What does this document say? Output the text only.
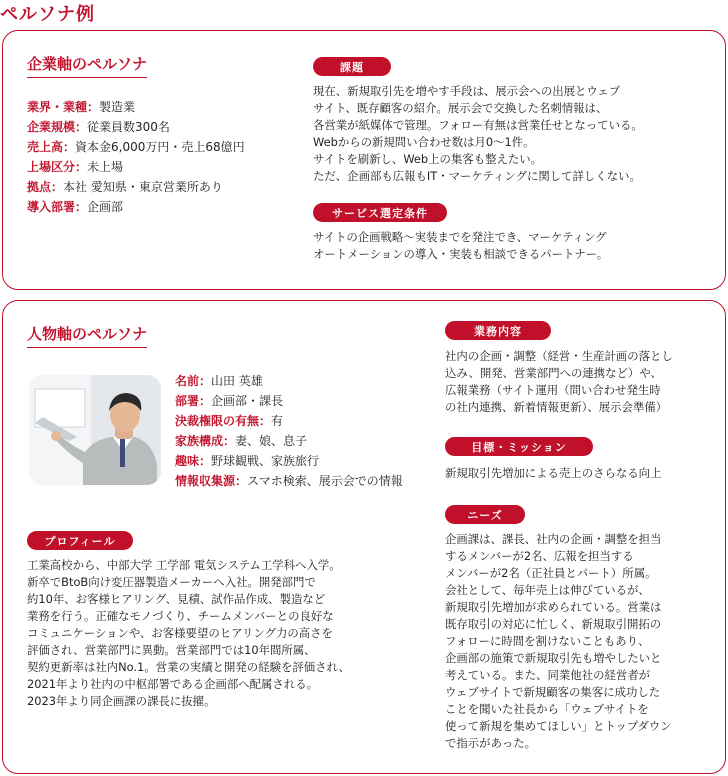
ペルソナ例
企業軸のペルソナ
業界・業種：製造業
企業規模：従業員数300名
売上高：資本金6,000万円・売上68億円
上場区分：未上場
拠点：本社 愛知県・東京営業所あり
導入部署：企画部
課題

現在、新規取引先を増やす手段は、展示会への出展とウェブ
サイト、既存顧客の紹介。展示会で交換した名刺情報は、
各営業が紙媒体で管理。フォロー有無は営業任せとなっている。
Webからの新規問い合わせ数は月0〜1件。
サイトを刷新し、Web上の集客も整えたい。
ただ、企画部も広報もIT・マーケティングに関して詳しくない。

サービス選定条件

サイトの企画戦略〜実装までを発注でき、マーケティング
オートメーションの導入・実装も相談できるパートナー。

人物軸のペルソナ
名前：山田 英雄
部署：企画部・課長
決裁権限の有無：有
家族構成：妻、娘、息子
趣味：野球観戦、家族旅行
情報収集源：スマホ検索、展示会での情報
プロフィール

工業高校から、中部大学 工学部 電気システム工学科へ入学。
新卒でBtoB向け変圧器製造メーカーへ入社。開発部門で
約10年、お客様ヒアリング、見積、試作品作成、製造など
業務を行う。正確なモノづくり、チームメンバーとの良好な
コミュニケーションや、お客様要望のヒアリング力の高さを
評価され、営業部門に異動。営業部門では10年間所属、
契約更新率は社内No.1。営業の実績と開発の経験を評価され、
2021年より社内の中枢部署である企画部へ配属される。
2023年より同企画課の課長に抜擢。

業務内容

社内の企画・調整（経営・生産計画の落とし
込み、開発、営業部門への連携など）や、
広報業務（サイト運用（問い合わせ発生時
の社内連携、新着情報更新）、展示会準備）

目標・ミッション

新規取引先増加による売上のさらなる向上

ニーズ

企画課は、課長、社内の企画・調整を担当
するメンバーが2名、広報を担当する
メンバーが2名（正社員とパート）所属。
会社として、毎年売上は伸びているが、
新規取引先増加が求められている。営業は
既存取引の対応に忙しく、新規取引開拓の
フォローに時間を割けないこともあり、
企画部の施策で新規取引先も増やしたいと
考えている。また、同業他社の経営者が
ウェブサイトで新規顧客の集客に成功した
ことを聞いた社長から「ウェブサイトを
使って新規を集めてほしい」とトップダウン
で指示があった。
